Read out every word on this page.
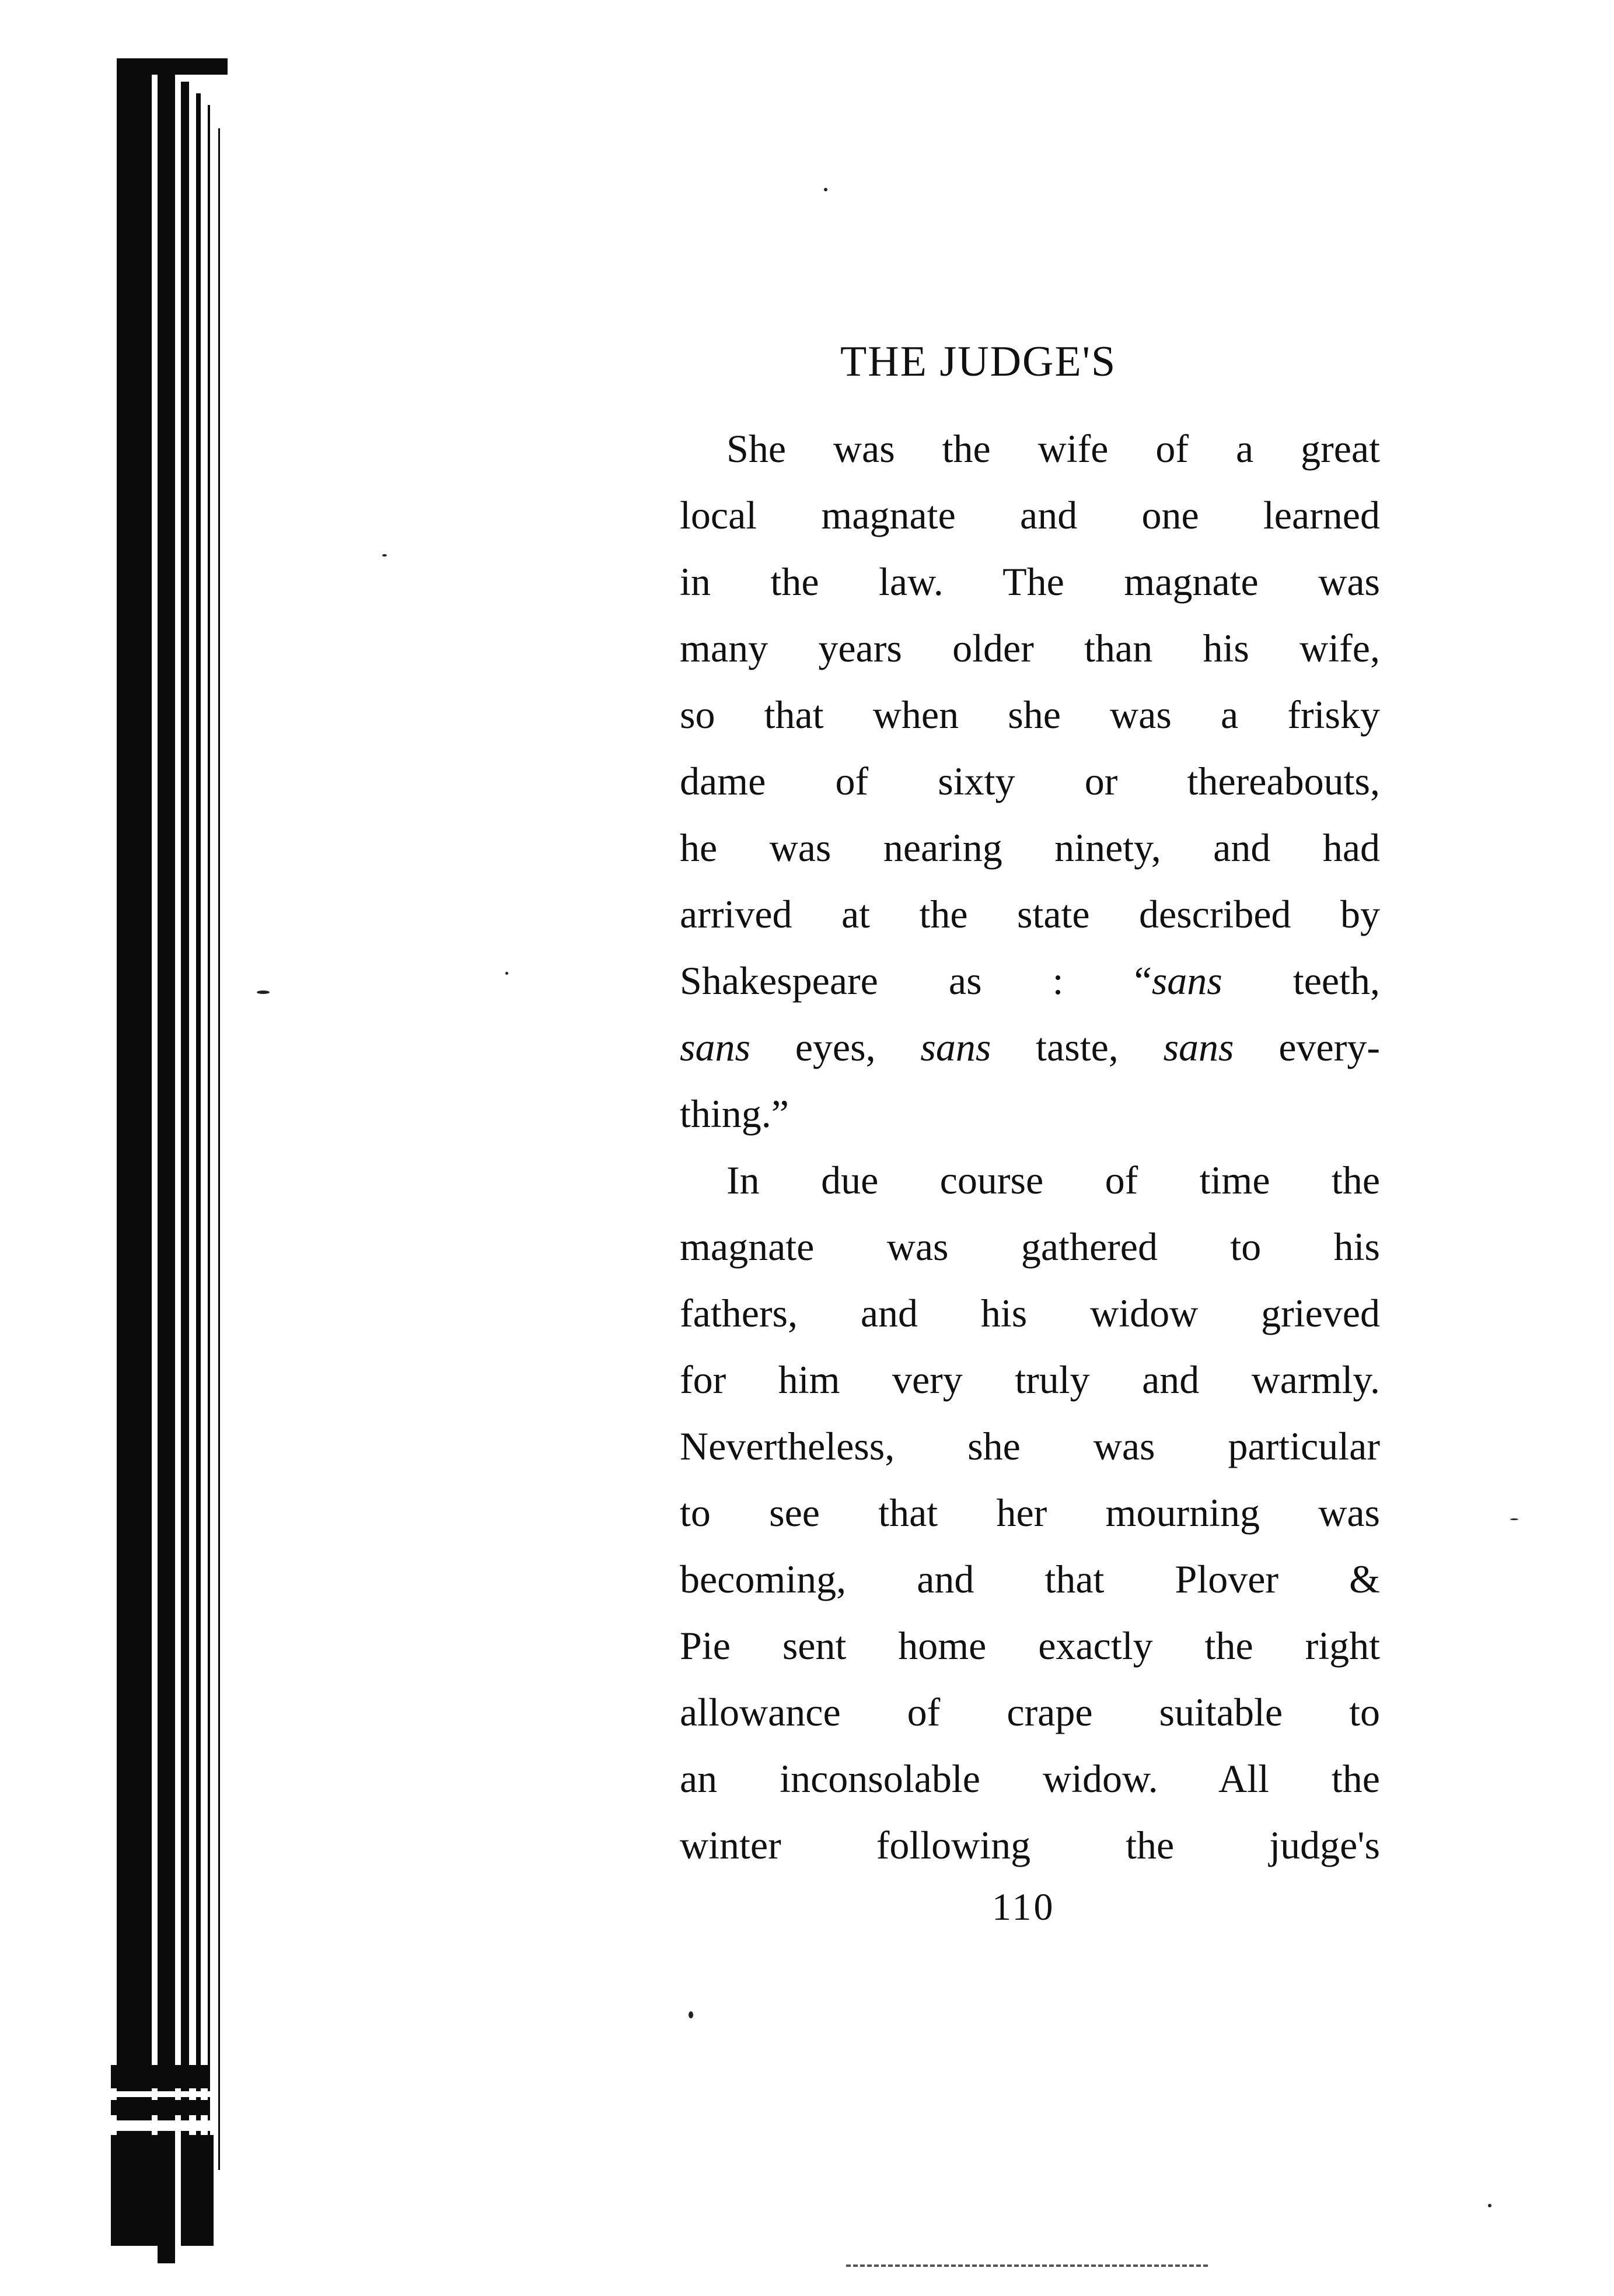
THE JUDGE'S
She was the wife of a great
local magnate and one learned
in the law. The magnate was
many years older than his wife,
so that when she was a frisky
dame of sixty or thereabouts,
he was nearing ninety, and had
arrived at the state described by
Shakespeare as : “sans teeth,
sans eyes, sans taste, sans every-
thing.”
In due course of time the
magnate was gathered to his
fathers, and his widow grieved
for him very truly and warmly.
Nevertheless, she was particular
to see that her mourning was
becoming, and that Plover &
Pie sent home exactly the right
allowance of crape suitable to
an inconsolable widow. All the
winter following the judge's

110
